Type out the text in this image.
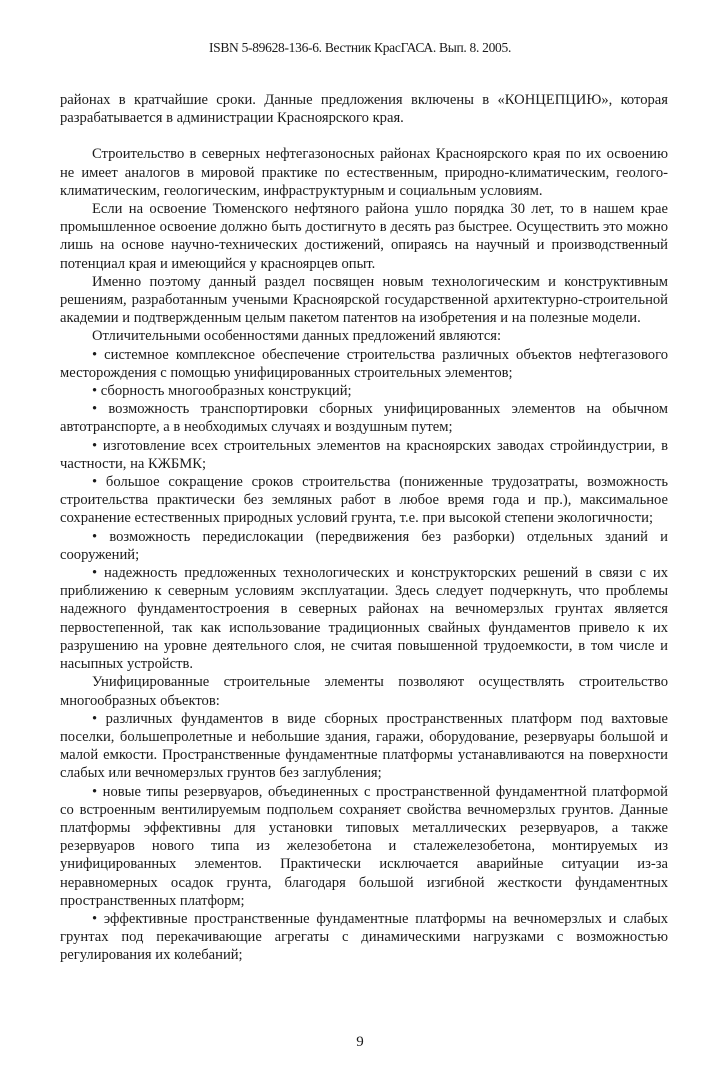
ISBN 5-89628-136-6. Вестник КрасГАСА. Вып. 8. 2005.

районах в кратчайшие сроки. Данные предложения включены в «КОНЦЕПЦИЮ», которая разрабатывается в администрации Красноярского края.

Строительство в северных нефтегазоносных районах Красноярского края по их освоению не имеет аналогов в мировой практике по естественным, природно-климатическим, геолого-климатическим, геологическим, инфраструктурным и социальным условиям.

Если на освоение Тюменского нефтяного района ушло порядка 30 лет, то в нашем крае промышленное освоение должно быть достигнуто в десять раз быстрее. Осуществить это можно лишь на основе научно-технических достижений, опираясь на научный и производственный потенциал края и имеющийся у красноярцев опыт.

Именно поэтому данный раздел посвящен новым технологическим и конструктивным решениям, разработанным учеными Красноярской государственной архитектурно-строительной академии и подтвержденным целым пакетом патентов на изобретения и на полезные модели.

Отличительными особенностями данных предложений являются:

• системное комплексное обеспечение строительства различных объектов нефтегазового месторождения с помощью унифицированных строительных элементов;

• сборность многообразных конструкций;

• возможность транспортировки сборных унифицированных элементов на обычном автотранспорте, а в необходимых случаях и воздушным путем;

• изготовление всех строительных элементов на красноярских заводах стройиндустрии, в частности, на КЖБМК;

• большое сокращение сроков строительства (пониженные трудозатраты, возможность строительства практически без земляных работ в любое время года и пр.), максимальное сохранение естественных природных условий грунта, т.е. при высокой степени экологичности;

• возможность передислокации (передвижения без разборки) отдельных зданий и сооружений;

• надежность предложенных технологических и конструкторских решений в связи с их приближению к северным условиям эксплуатации. Здесь следует подчеркнуть, что проблемы надежного фундаментостроения в северных районах на вечномерзлых грунтах является первостепенной, так как использование традиционных свайных фундаментов привело к их разрушению на уровне деятельного слоя, не считая повышенной трудоемкости, в том числе и насыпных устройств.

Унифицированные строительные элементы позволяют осуществлять строительство многообразных объектов:

• различных фундаментов в виде сборных пространственных платформ под вахтовые поселки, большепролетные и небольшие здания, гаражи, оборудование, резервуары большой и малой емкости. Пространственные фундаментные платформы устанавливаются на поверхности слабых или вечномерзлых грунтов без заглубления;

• новые типы резервуаров, объединенных с пространственной фундаментной платформой со встроенным вентилируемым подпольем сохраняет свойства вечномерзлых грунтов. Данные платформы эффективны для установки типовых металлических резервуаров, а также резервуаров нового типа из железобетона и сталежелезобетона, монтируемых из унифицированных элементов. Практически исключается аварийные ситуации из-за неравномерных осадок грунта, благодаря большой изгибной жесткости фундаментных пространственных платформ;

• эффективные пространственные фундаментные платформы на вечномерзлых и слабых грунтах под перекачивающие агрегаты с динамическими нагрузками с возможностью регулирования их колебаний;

9
